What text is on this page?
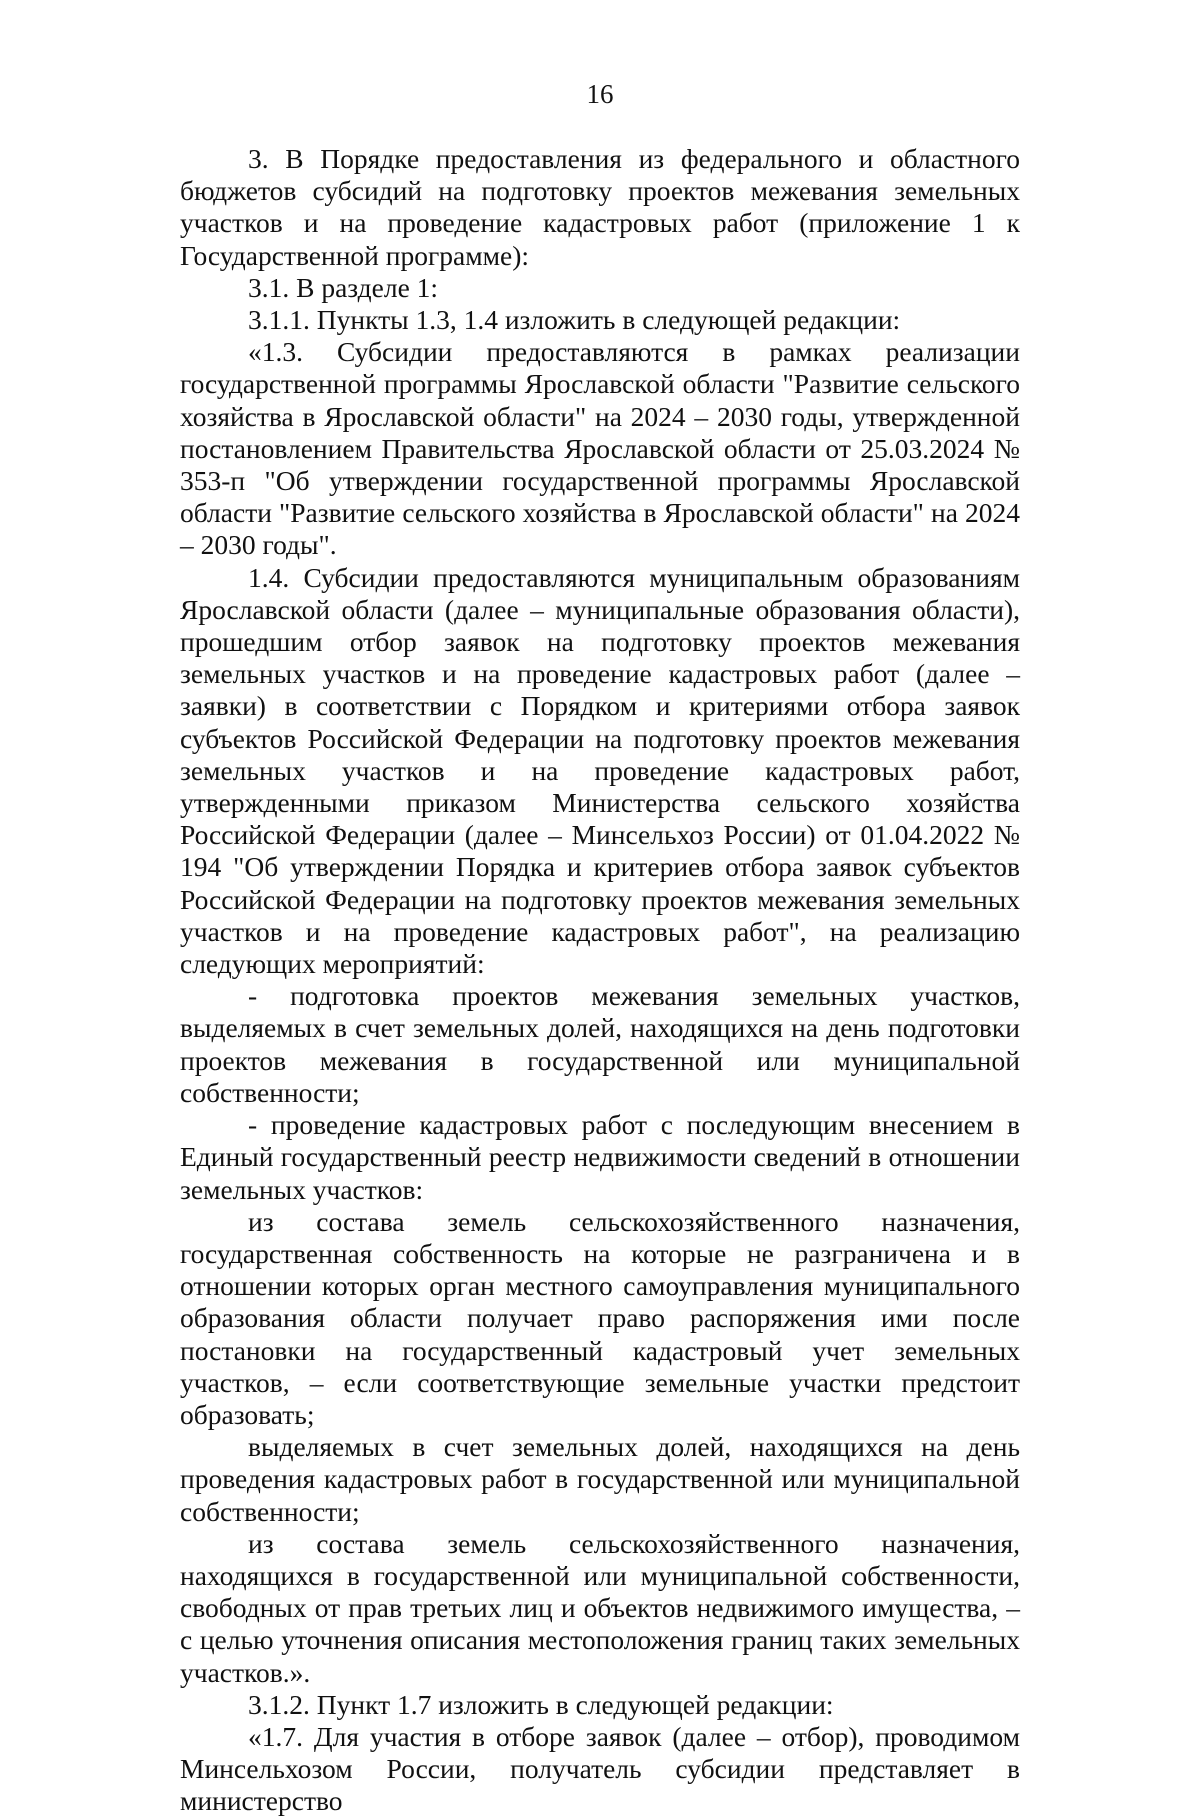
16

3. В Порядке предоставления из федерального и областного бюджетов субсидий на подготовку проектов межевания земельных участков и на проведение кадастровых работ (приложение 1 к Государственной программе):

3.1. В разделе 1:

3.1.1. Пункты 1.3, 1.4 изложить в следующей редакции:

«1.3. Субсидии предоставляются в рамках реализации государственной программы Ярославской области "Развитие сельского хозяйства в Ярославской области" на 2024 – 2030 годы, утвержденной постановлением Правительства Ярославской области от 25.03.2024 № 353-п "Об утверждении государственной программы Ярославской области "Развитие сельского хозяйства в Ярославской области" на 2024 – 2030 годы".

1.4. Субсидии предоставляются муниципальным образованиям Ярославской области (далее – муниципальные образования области), прошедшим отбор заявок на подготовку проектов межевания земельных участков и на проведение кадастровых работ (далее – заявки) в соответствии с Порядком и критериями отбора заявок субъектов Российской Федерации на подготовку проектов межевания земельных участков и на проведение кадастровых работ, утвержденными приказом Министерства сельского хозяйства Российской Федерации (далее – Минсельхоз России) от 01.04.2022 № 194 "Об утверждении Порядка и критериев отбора заявок субъектов Российской Федерации на подготовку проектов межевания земельных участков и на проведение кадастровых работ", на реализацию следующих мероприятий:

- подготовка проектов межевания земельных участков, выделяемых в счет земельных долей, находящихся на день подготовки проектов межевания в государственной или муниципальной собственности;

- проведение кадастровых работ с последующим внесением в Единый государственный реестр недвижимости сведений в отношении земельных участков:

из состава земель сельскохозяйственного назначения, государственная собственность на которые не разграничена и в отношении которых орган местного самоуправления муниципального образования области получает право распоряжения ими после постановки на государственный кадастровый учет земельных участков, – если соответствующие земельные участки предстоит образовать;

выделяемых в счет земельных долей, находящихся на день проведения кадастровых работ в государственной или муниципальной собственности;

из состава земель сельскохозяйственного назначения, находящихся в государственной или муниципальной собственности, свободных от прав третьих лиц и объектов недвижимого имущества, – с целью уточнения описания местоположения границ таких земельных участков.».

3.1.2. Пункт 1.7 изложить в следующей редакции:

«1.7. Для участия в отборе заявок (далее – отбор), проводимом Минсельхозом России, получатель субсидии представляет в министерство
